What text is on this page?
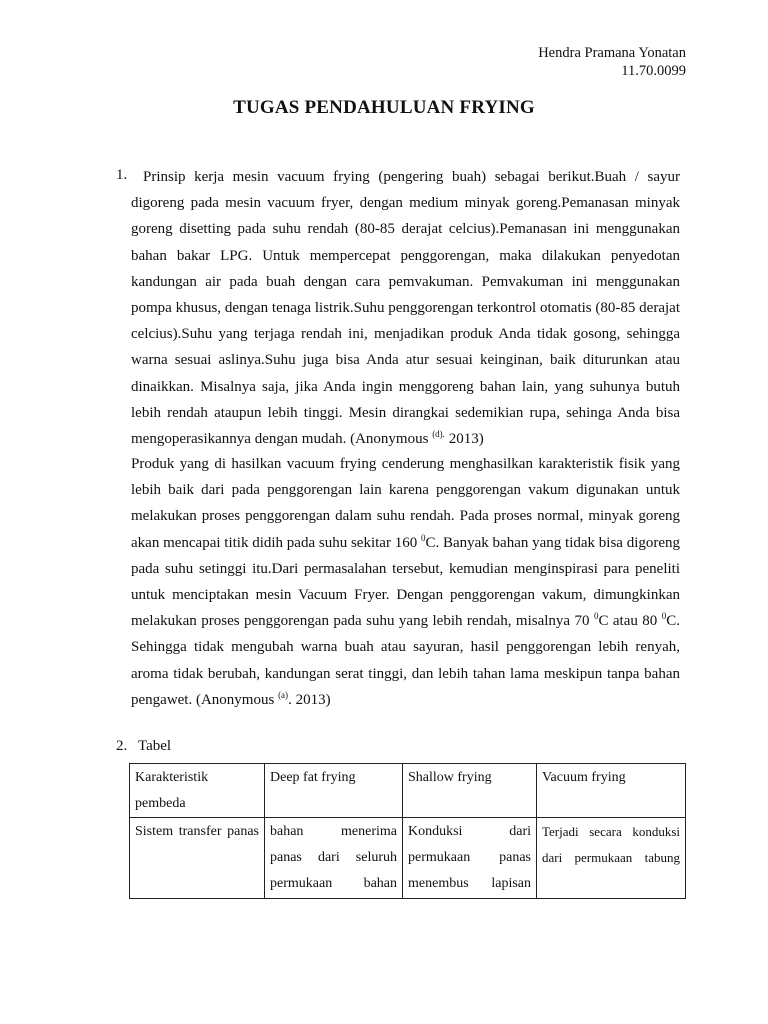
Hendra Pramana Yonatan
11.70.0099
TUGAS PENDAHULUAN FRYING
1.	Prinsip kerja mesin vacuum frying (pengering buah) sebagai berikut.Buah / sayur digoreng pada mesin vacuum fryer, dengan medium minyak goreng.Pemanasan minyak goreng disetting pada suhu rendah (80-85 derajat celcius).Pemanasan ini menggunakan bahan bakar LPG. Untuk mempercepat penggorengan, maka dilakukan penyedotan kandungan air pada buah dengan cara pemvakuman. Pemvakuman ini menggunakan pompa khusus, dengan tenaga listrik.Suhu penggorengan terkontrol otomatis (80-85 derajat celcius).Suhu yang terjaga rendah ini, menjadikan produk Anda tidak gosong, sehingga warna sesuai aslinya.Suhu juga bisa Anda atur sesuai keinginan, baik diturunkan atau dinaikkan. Misalnya saja, jika Anda ingin menggoreng bahan lain, yang suhunya butuh lebih rendah ataupun lebih tinggi. Mesin dirangkai sedemikian rupa, sehinga Anda bisa mengoperasikannya dengan mudah. (Anonymous $^{(d).}$ 2013)
Produk yang di hasilkan vacuum frying cenderung menghasilkan karakteristik fisik yang lebih baik dari pada penggorengan lain karena penggorengan vakum digunakan untuk melakukan proses penggorengan dalam suhu rendah. Pada proses normal, minyak goreng akan mencapai titik didih pada suhu sekitar 160 $^0$C. Banyak bahan yang tidak bisa digoreng pada suhu setinggi itu.Dari permasalahan tersebut, kemudian menginspirasi para peneliti untuk menciptakan mesin Vacuum Fryer. Dengan penggorengan vakum, dimungkinkan melakukan proses penggorengan pada suhu yang lebih rendah, misalnya 70 $^0$C atau 80 $^0$C. Sehingga tidak mengubah warna buah atau sayuran, hasil penggorengan lebih renyah, aroma tidak berubah, kandungan serat tinggi, dan lebih tahan lama meskipun tanpa bahan pengawet. (Anonymous $^{(a)}$. 2013)
2. Tabel
Karakteristik pembeda	Deep fat frying	Shallow frying	Vacuum frying
Sistem transfer panas	bahan menerima panas dari seluruh permukaan bahan	Konduksi dari permukaan panas menembus lapisan	Terjadi secara konduksi dari permukaan tabung
